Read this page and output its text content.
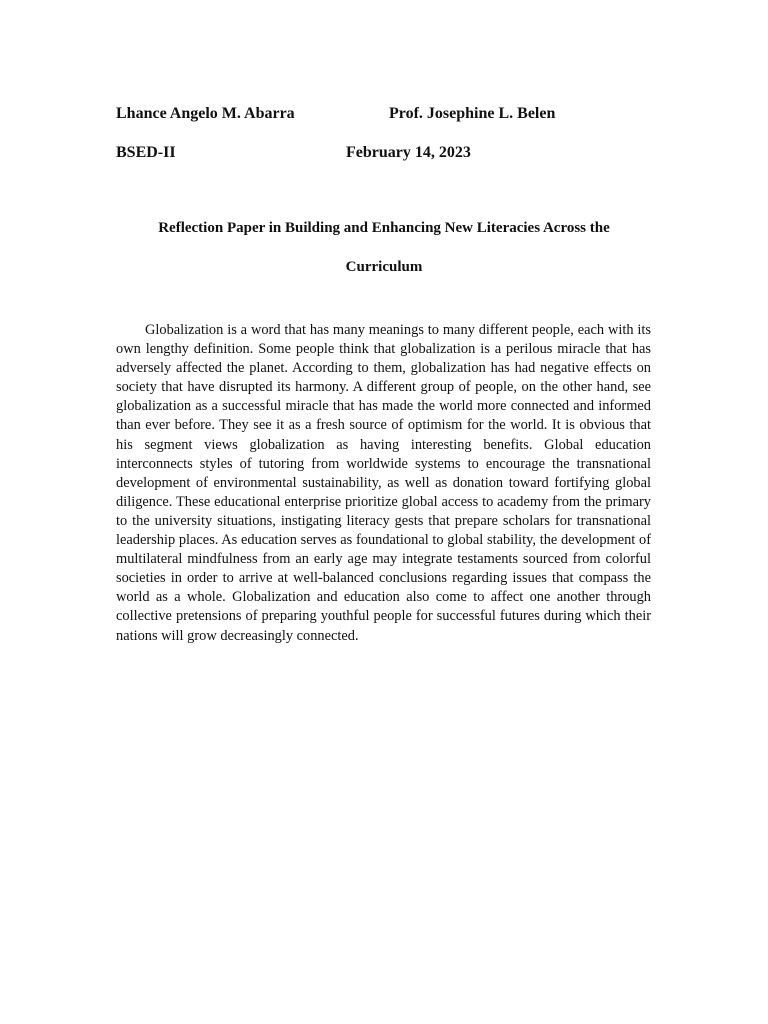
Lhance Angelo M. Abarra	Prof. Josephine L. Belen
BSED-II	February 14, 2023
Reflection Paper in Building and Enhancing New Literacies Across the
Curriculum

Globalization is a word that has many meanings to many different people, each with its own lengthy definition. Some people think that globalization is a perilous miracle that has adversely affected the planet. According to them, globalization has had negative effects on society that have disrupted its harmony. A different group of people, on the other hand, see globalization as a successful miracle that has made the world more connected and informed than ever before. They see it as a fresh source of optimism for the world. It is obvious that his segment views globalization as having interesting benefits. Global education interconnects styles of tutoring from worldwide systems to encourage the transnational development of environmental sustainability, as well as donation toward fortifying global diligence. These educational enterprise prioritize global access to academy from the primary to the university situations, instigating literacy gests that prepare scholars for transnational leadership places. As education serves as foundational to global stability, the development of multilateral mindfulness from an early age may integrate testaments sourced from colorful societies in order to arrive at well-balanced conclusions regarding issues that compass the world as a whole. Globalization and education also come to affect one another through collective pretensions of preparing youthful people for successful futures during which their nations will grow decreasingly connected.
